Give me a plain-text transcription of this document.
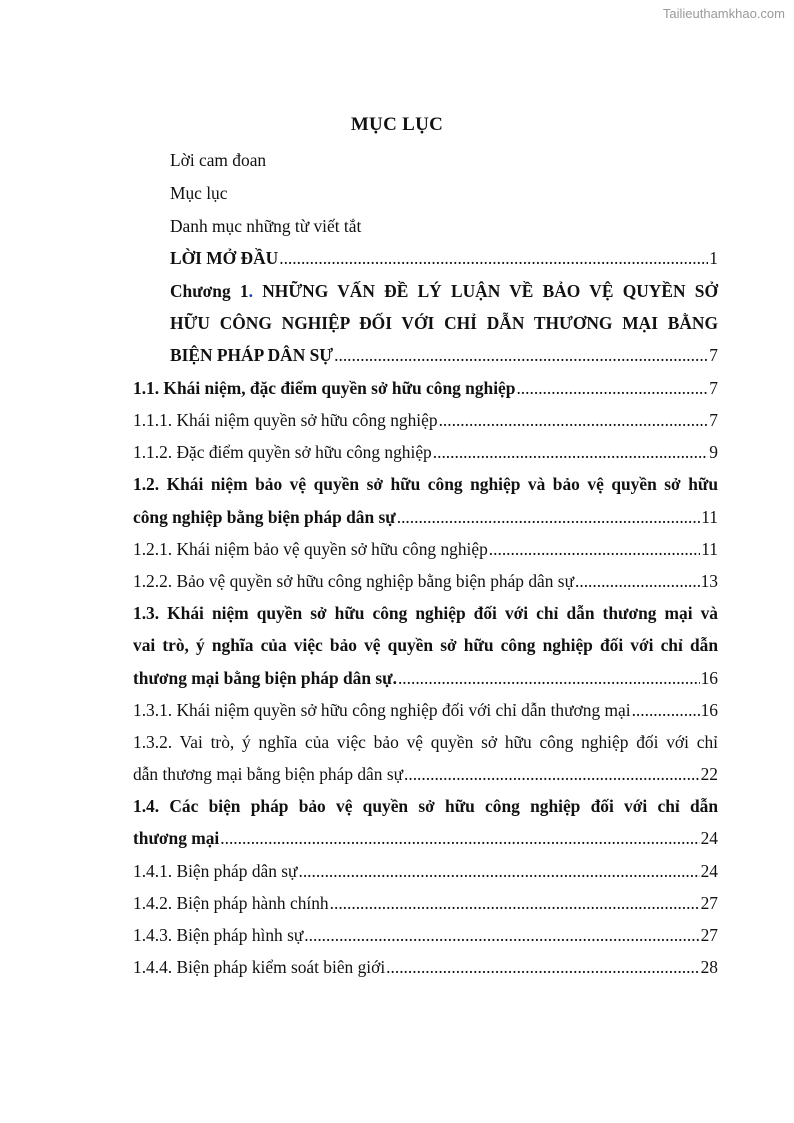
Tailieuthamkhao.com
MỤC LỤC
Lời cam đoan
Mục lục
Danh mục những từ viết tắt
LỜI MỞ ĐẦU .....	1
Chương 1. NHỮNG VẤN ĐỀ LÝ LUẬN VỀ BẢO VỆ QUYỀN SỞ
HỮU CÔNG NGHIỆP ĐỐI VỚI CHỈ DẪN THƯƠNG MẠI BẰNG
BIỆN PHÁP DÂN SỰ .....	7
1.1. Khái niệm, đặc điểm quyền sở hữu công nghiệp .....	7
1.1.1. Khái niệm quyền sở hữu công nghiệp .....	7
1.1.2. Đặc điểm quyền sở hữu công nghiệp .....	9
1.2. Khái niệm bảo vệ quyền sở hữu công nghiệp và bảo vệ quyền sở hữu
công nghiệp bằng biện pháp dân sự .....	11
1.2.1. Khái niệm bảo vệ quyền sở hữu công nghiệp .....	11
1.2.2. Bảo vệ quyền sở hữu công nghiệp bằng biện pháp dân sự .....	13
1.3. Khái niệm quyền sở hữu công nghiệp đối với chỉ dẫn thương mại và
vai trò, ý nghĩa của việc bảo vệ quyền sở hữu công nghiệp đối với chỉ dẫn
thương mại bằng biện pháp dân sự. .....	16
1.3.1. Khái niệm quyền sở hữu công nghiệp đối với chỉ dẫn thương mại .....	16
1.3.2. Vai trò, ý nghĩa của việc bảo vệ quyền sở hữu công nghiệp đối với chỉ
dẫn thương mại bằng biện pháp dân sự .....	22
1.4. Các biện pháp bảo vệ quyền sở hữu công nghiệp đối với chỉ dẫn
thương mại .....	24
1.4.1. Biện pháp dân sự .....	24
1.4.2. Biện pháp hành chính .....	27
1.4.3. Biện pháp hình sự .....	27
1.4.4. Biện pháp kiểm soát biên giới .....	28
